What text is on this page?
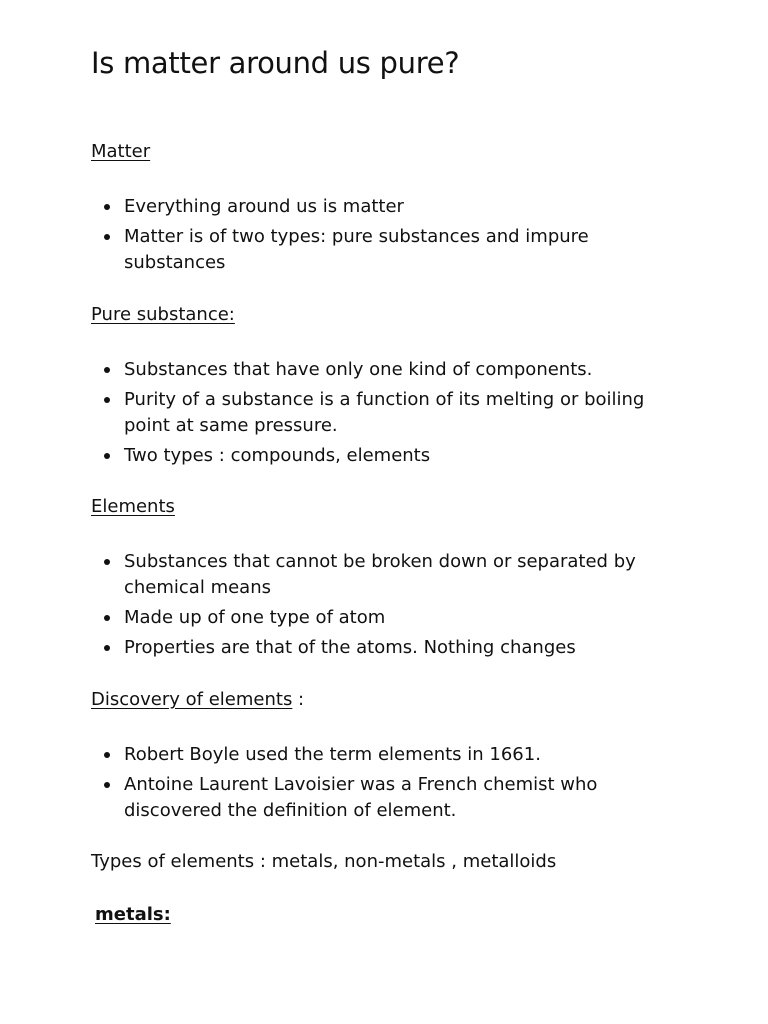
Is matter around us pure?

Matter

Everything around us is matter
Matter is of two types: pure substances and impure substances

Pure substance:

Substances that have only one kind of components.
Purity of a substance is a function of its melting or boiling point at same pressure.
Two types : compounds, elements

Elements

Substances that cannot be broken down or separated by chemical means
Made up of one type of atom
Properties are that of the atoms. Nothing changes

Discovery of elements :

Robert Boyle used the term elements in 1661.
Antoine Laurent Lavoisier was a French chemist who discovered the definition of element.

Types of elements : metals, non-metals , metalloids

metals:
